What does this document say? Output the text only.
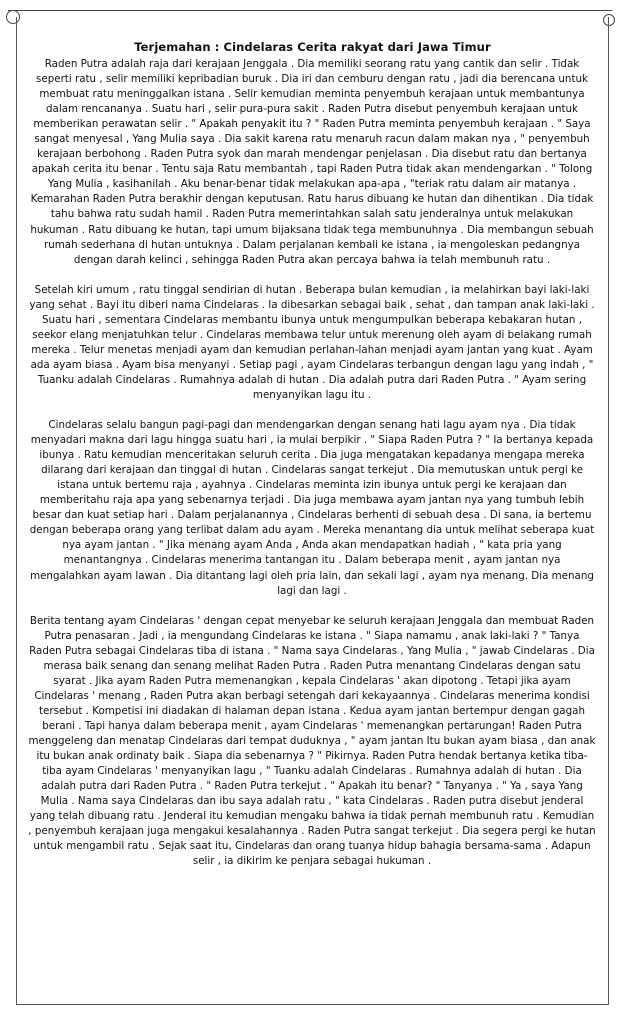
Terjemahan : Cindelaras Cerita rakyat dari Jawa Timur

Raden Putra adalah raja dari kerajaan Jenggala . Dia memiliki seorang ratu yang cantik dan selir . Tidak seperti ratu , selir memiliki kepribadian buruk . Dia iri dan cemburu dengan ratu , jadi dia berencana untuk membuat ratu meninggalkan istana . Selir kemudian meminta penyembuh kerajaan untuk membantunya dalam rencananya . Suatu hari , selir pura-pura sakit . Raden Putra disebut penyembuh kerajaan untuk memberikan perawatan selir . " Apakah penyakit itu ? " Raden Putra meminta penyembuh kerajaan . " Saya sangat menyesal , Yang Mulia saya . Dia sakit karena ratu menaruh racun dalam makan nya , " penyembuh kerajaan berbohong . Raden Putra syok dan marah mendengar penjelasan . Dia disebut ratu dan bertanya apakah cerita itu benar . Tentu saja Ratu membantah , tapi Raden Putra tidak akan mendengarkan . " Tolong Yang Mulia , kasihanilah . Aku benar-benar tidak melakukan apa-apa , "teriak ratu dalam air matanya . Kemarahan Raden Putra berakhir dengan keputusan. Ratu harus dibuang ke hutan dan dihentikan . Dia tidak tahu bahwa ratu sudah hamil . Raden Putra memerintahkan salah satu jenderalnya untuk melakukan hukuman . Ratu dibuang ke hutan, tapi umum bijaksana tidak tega membunuhnya . Dia membangun sebuah rumah sederhana di hutan untuknya . Dalam perjalanan kembali ke istana , ia mengoleskan pedangnya dengan darah kelinci , sehingga Raden Putra akan percaya bahwa ia telah membunuh ratu .

Setelah kiri umum , ratu tinggal sendirian di hutan . Beberapa bulan kemudian , ia melahirkan bayi laki-laki yang sehat . Bayi itu diberi nama Cindelaras . Ia dibesarkan sebagai baik , sehat , dan tampan anak laki-laki . Suatu hari , sementara Cindelaras membantu ibunya untuk mengumpulkan beberapa kebakaran hutan , seekor elang menjatuhkan telur . Cindelaras membawa telur untuk merenung oleh ayam di belakang rumah mereka . Telur menetas menjadi ayam dan kemudian perlahan-lahan menjadi ayam jantan yang kuat . Ayam ada ayam biasa . Ayam bisa menyanyi . Setiap pagi , ayam Cindelaras terbangun dengan lagu yang indah , " Tuanku adalah Cindelaras . Rumahnya adalah di hutan . Dia adalah putra dari Raden Putra . " Ayam sering menyanyikan lagu itu .

Cindelaras selalu bangun pagi-pagi dan mendengarkan dengan senang hati lagu ayam nya . Dia tidak menyadari makna dari lagu hingga suatu hari , ia mulai berpikir . " Siapa Raden Putra ? " Ia bertanya kepada ibunya . Ratu kemudian menceritakan seluruh cerita . Dia juga mengatakan kepadanya mengapa mereka dilarang dari kerajaan dan tinggal di hutan . Cindelaras sangat terkejut . Dia memutuskan untuk pergi ke istana untuk bertemu raja , ayahnya . Cindelaras meminta izin ibunya untuk pergi ke kerajaan dan memberitahu raja apa yang sebenarnya terjadi . Dia juga membawa ayam jantan nya yang tumbuh lebih besar dan kuat setiap hari . Dalam perjalanannya , Cindelaras berhenti di sebuah desa . Di sana, ia bertemu dengan beberapa orang yang terlibat dalam adu ayam . Mereka menantang dia untuk melihat seberapa kuat nya ayam jantan . " Jika menang ayam Anda , Anda akan mendapatkan hadiah , " kata pria yang menantangnya . Cindelaras menerima tantangan itu . Dalam beberapa menit , ayam jantan nya mengalahkan ayam lawan . Dia ditantang lagi oleh pria lain, dan sekali lagi , ayam nya menang. Dia menang lagi dan lagi .

Berita tentang ayam Cindelaras ' dengan cepat menyebar ke seluruh kerajaan Jenggala dan membuat Raden Putra penasaran . Jadi , ia mengundang Cindelaras ke istana . " Siapa namamu , anak laki-laki ? " Tanya Raden Putra sebagai Cindelaras tiba di istana . " Nama saya Cindelaras , Yang Mulia , " jawab Cindelaras . Dia merasa baik senang dan senang melihat Raden Putra . Raden Putra menantang Cindelaras dengan satu syarat . Jika ayam Raden Putra memenangkan , kepala Cindelaras ' akan dipotong . Tetapi jika ayam Cindelaras ' menang , Raden Putra akan berbagi setengah dari kekayaannya . Cindelaras menerima kondisi tersebut . Kompetisi ini diadakan di halaman depan istana . Kedua ayam jantan bertempur dengan gagah berani . Tapi hanya dalam beberapa menit , ayam Cindelaras ' memenangkan pertarungan! Raden Putra menggeleng dan menatap Cindelaras dari tempat duduknya , " ayam jantan Itu bukan ayam biasa , dan anak itu bukan anak ordinaty baik . Siapa dia sebenarnya ? " Pikirnya. Raden Putra hendak bertanya ketika tiba-tiba ayam Cindelaras ' menyanyikan lagu , " Tuanku adalah Cindelaras . Rumahnya adalah di hutan . Dia adalah putra dari Raden Putra . " Raden Putra terkejut . " Apakah itu benar? " Tanyanya . " Ya , saya Yang Mulia . Nama saya Cindelaras dan ibu saya adalah ratu , " kata Cindelaras . Raden putra disebut jenderal yang telah dibuang ratu . Jenderal itu kemudian mengaku bahwa ia tidak pernah membunuh ratu . Kemudian , penyembuh kerajaan juga mengakui kesalahannya . Raden Putra sangat terkejut . Dia segera pergi ke hutan untuk mengambil ratu . Sejak saat itu, Cindelaras dan orang tuanya hidup bahagia bersama-sama . Adapun selir , ia dikirim ke penjara sebagai hukuman .
